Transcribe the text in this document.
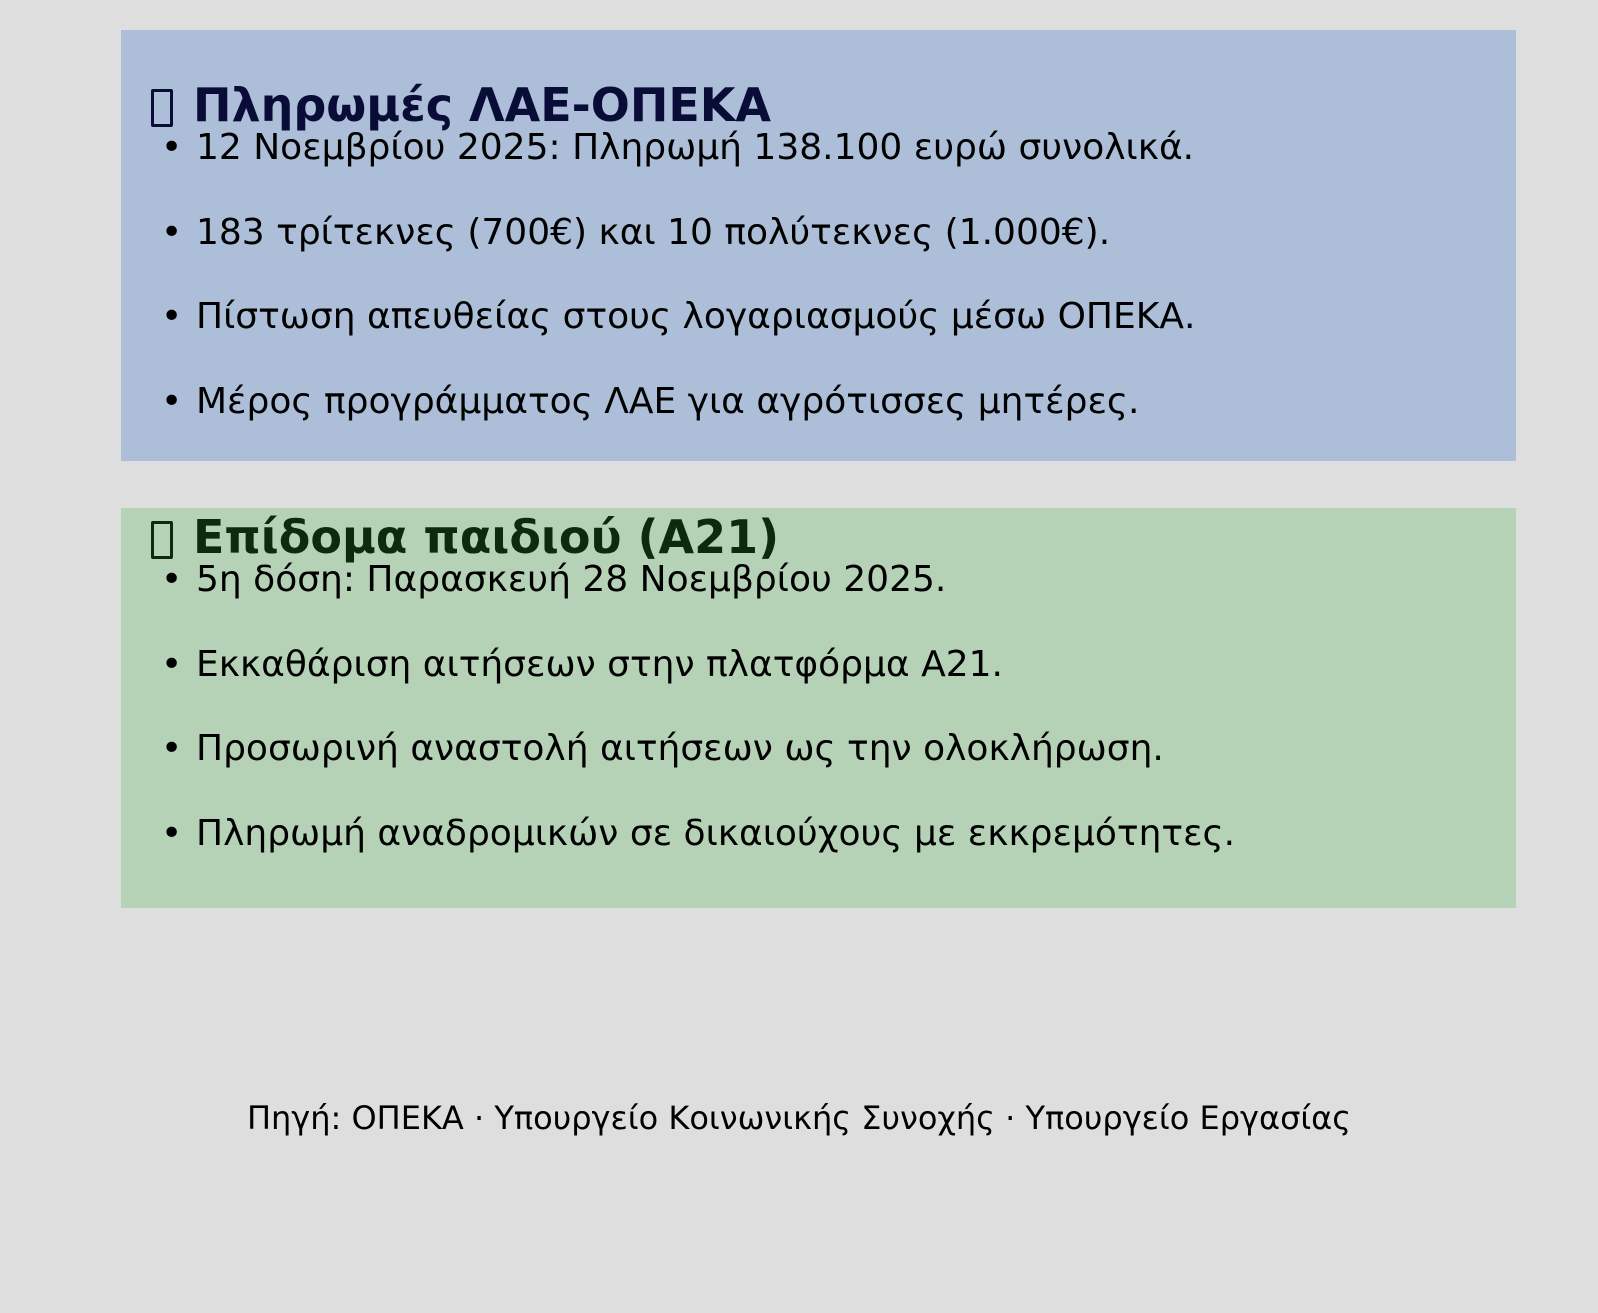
Πληρωμές ΛΑΕ-ΟΠΕΚΑ
• 12 Νοεμβρίου 2025: Πληρωμή 138.100 ευρώ συνολικά.
• 183 τρίτεκνες (700€) και 10 πολύτεκνες (1.000€).
• Πίστωση απευθείας στους λογαριασμούς μέσω ΟΠΕΚΑ.
• Μέρος προγράμματος ΛΑΕ για αγρότισσες μητέρες.
Επίδομα παιδιού (Α21)
• 5η δόση: Παρασκευή 28 Νοεμβρίου 2025.
• Εκκαθάριση αιτήσεων στην πλατφόρμα Α21.
• Προσωρινή αναστολή αιτήσεων ως την ολοκλήρωση.
• Πληρωμή αναδρομικών σε δικαιούχους με εκκρεμότητες.
Πηγή: ΟΠΕΚΑ · Υπουργείο Κοινωνικής Συνοχής · Υπουργείο Εργασίας
